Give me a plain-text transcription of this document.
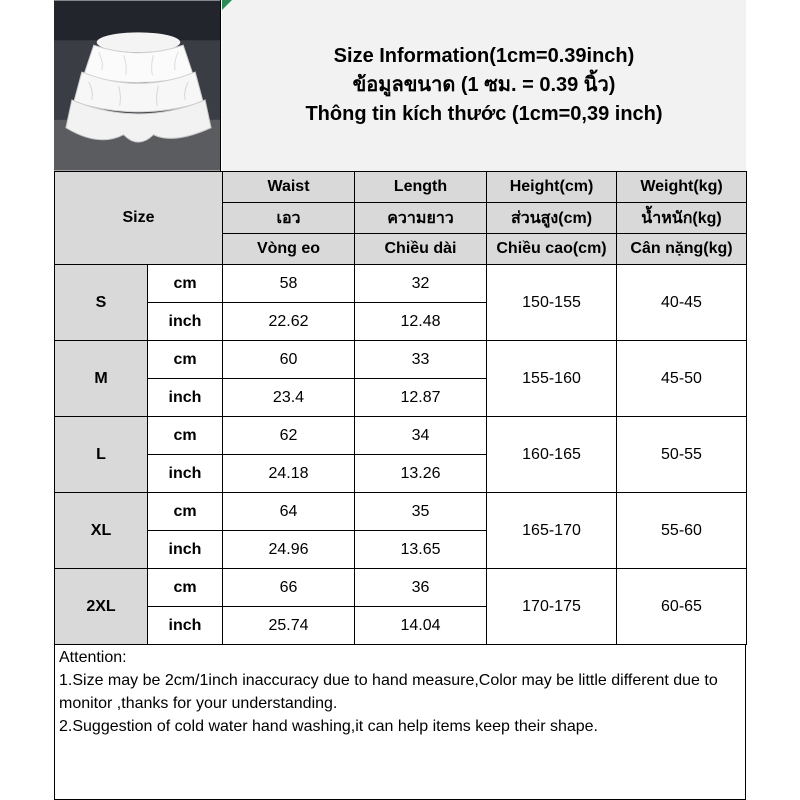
Size Information(1cm=0.39inch)
ข้อมูลขนาด (1 ซม. = 0.39 นิ้ว)
Thông tin kích thước (1cm=0,39 inch)
Size		Waist	Length	Height(cm)	Weight(kg)
		เอว	ความยาว	ส่วนสูง(cm)	น้ำหนัก(kg)
		Vòng eo	Chiều dài	Chiều cao(cm)	Cân nặng(kg)
S	cm	58	32	150-155	40-45
	inch	22.62	12.48		
M	cm	60	33	155-160	45-50
	inch	23.4	12.87		
L	cm	62	34	160-165	50-55
	inch	24.18	13.26		
XL	cm	64	35	165-170	55-60
	inch	24.96	13.65		
2XL	cm	66	36	170-175	60-65
	inch	25.74	14.04		

Attention:

1.Size may be 2cm/1inch inaccuracy due to hand measure,Color may be little different due to monitor ,thanks for your understanding.

2.Suggestion of cold water hand washing,it can help items keep their shape.
